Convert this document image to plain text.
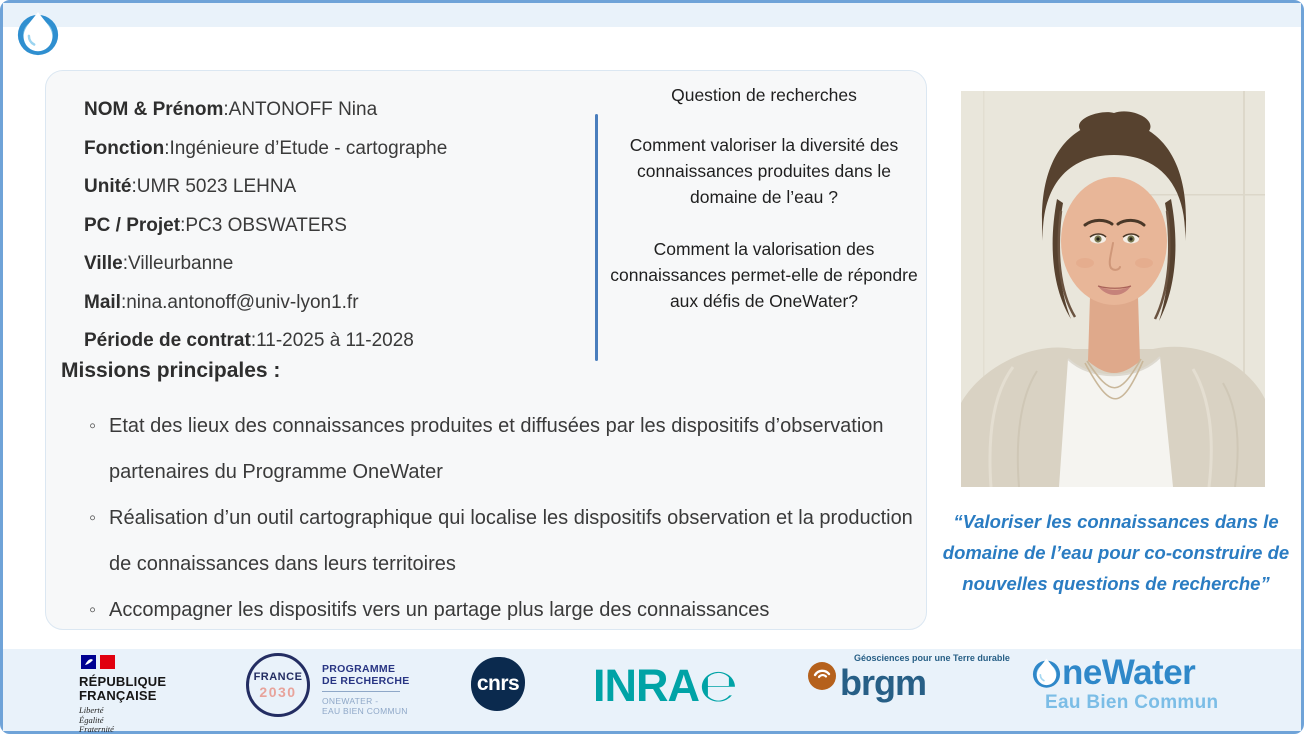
NOM & Prénom : ANTONOFF Nina
Fonction : Ingénieure d’Etude - cartographe
Unité : UMR 5023 LEHNA
PC / Projet : PC3 OBSWATERS
Ville : Villeurbanne
Mail : nina.antonoff@univ-lyon1.fr
Période de contrat : 11-2025 à 11-2028
Missions principales :
◦ Etat des lieux des connaissances produites et diffusées par les dispositifs d’observation partenaires du Programme OneWater
◦ Réalisation d’un outil cartographique qui localise les dispositifs observation et la production de connaissances dans leurs territoires
◦ Accompagner les dispositifs vers un partage plus large des connaissances

Question de recherches

Comment valoriser la diversité des connaissances produites dans le domaine de l’eau ?

Comment la valorisation des connaissances permet-elle de répondre aux défis de OneWater?

“Valoriser les connaissances dans le domaine de l’eau pour co-construire de nouvelles questions de recherche”
RÉPUBLIQUE
FRANÇAISE
Liberté
Égalité
Fraternité
FRANCE
2030
PROGRAMME
DE RECHERCHE
ONEWATER -
EAU BIEN COMMUN
cnrs INRA℮
Géosciences pour une Terre durable
brgm	neWater
Eau Bien Commun
